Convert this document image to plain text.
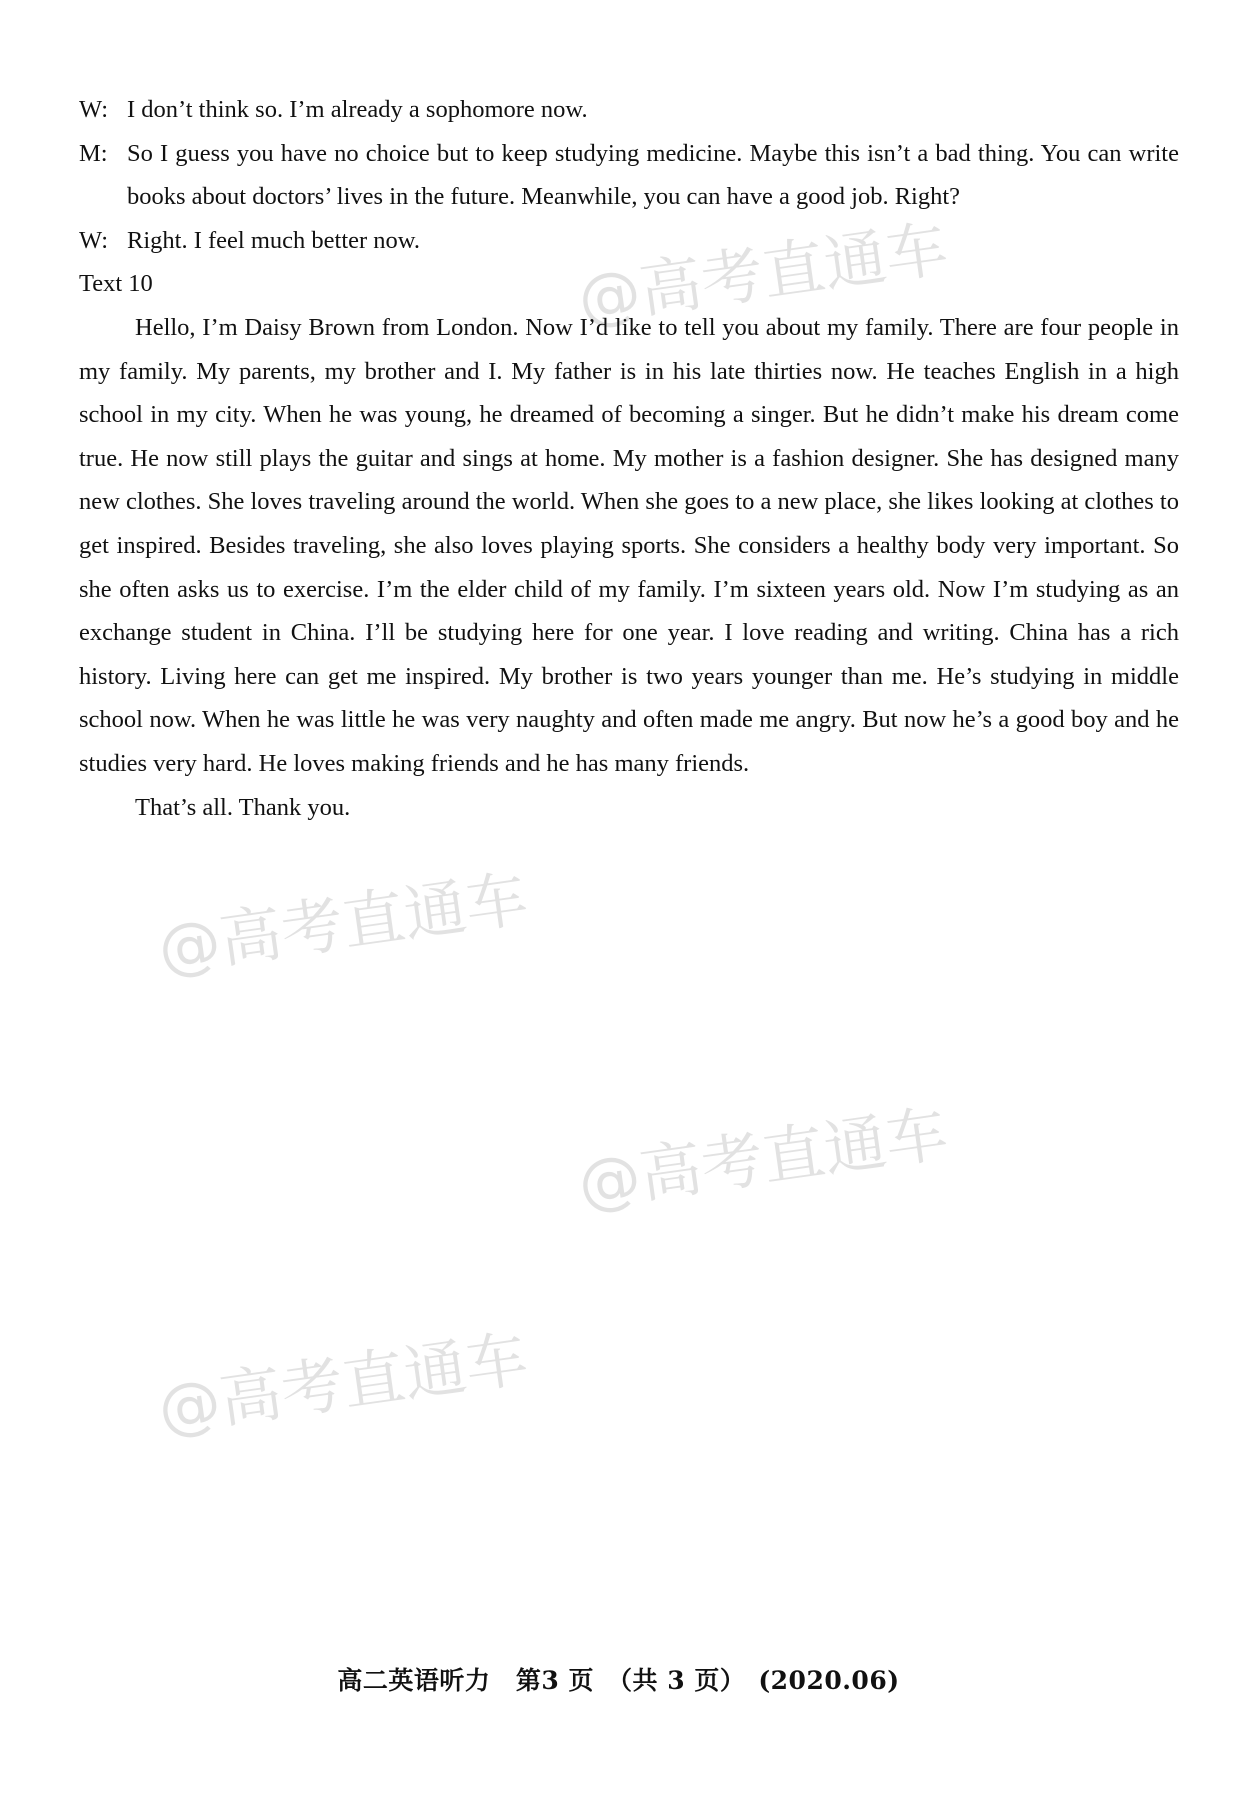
@高考直通车
@高考直通车
@高考直通车
@高考直通车
W: I don’t think so. I’m already a sophomore now.
M: So I guess you have no choice but to keep studying medicine. Maybe this isn’t a bad thing. You can write books about doctors’ lives in the future. Meanwhile, you can have a good job. Right?
W: Right. I feel much better now.
Text 10
Hello, I’m Daisy Brown from London. Now I’d like to tell you about my family. There are four people in my family. My parents, my brother and I. My father is in his late thirties now. He teaches English in a high school in my city. When he was young, he dreamed of becoming a singer. But he didn’t make his dream come true. He now still plays the guitar and sings at home. My mother is a fashion designer. She has designed many new clothes. She loves traveling around the world. When she goes to a new place, she likes looking at clothes to get inspired. Besides traveling, she also loves playing sports. She considers a healthy body very important. So she often asks us to exercise. I’m the elder child of my family. I’m sixteen years old. Now I’m studying as an exchange student in China. I’ll be studying here for one year. I love reading and writing. China has a rich history. Living here can get me inspired. My brother is two years younger than me. He’s studying in middle school now. When he was little he was very naughty and often made me angry. But now he’s a good boy and he studies very hard. He loves making friends and he has many friends.
That’s all. Thank you.
高二英语听力　第3 页　（共 3 页）　(2020.06)
